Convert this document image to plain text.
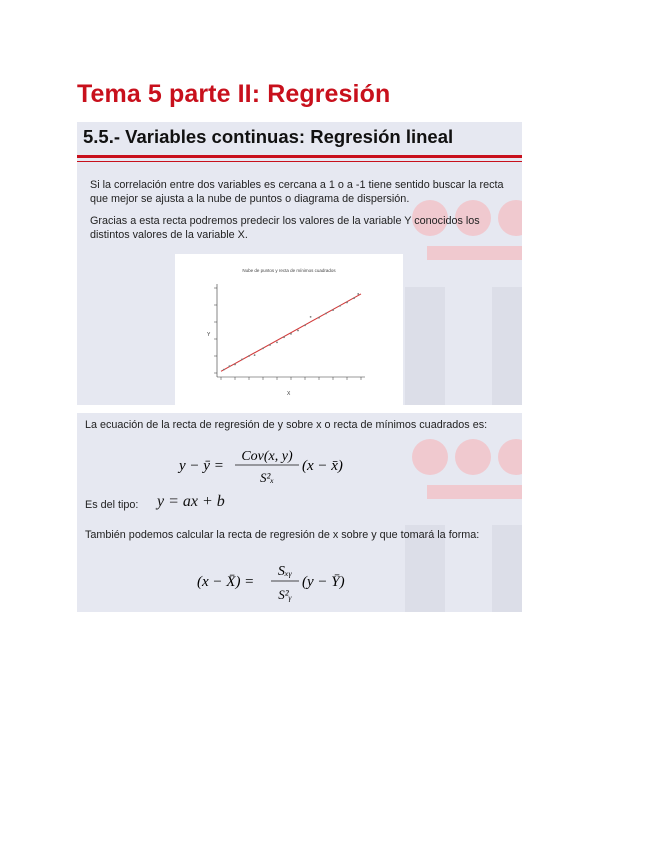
Tema 5 parte II: Regresión
5.5.- Variables continuas: Regresión lineal

Si la correlación entre dos variables es cercana a 1 o a -1 tiene sentido buscar la recta que mejor se ajusta a la nube de puntos o diagrama de dispersión.

Gracias a esta recta podremos predecir los valores de la variable Y conocidos los distintos valores de la variable X.

Nube de puntos y recta de mínimos cuadrados
Y
X

La ecuación de la recta de regresión de y sobre x o recta de mínimos cuadrados es:

y − ȳ =
Cov(x, y)
S²ₓ
(x − x̄)

Es del tipo: y = ax + b

También podemos calcular la recta de regresión de x sobre y que tomará la forma:

(x − X̄) =
Sₓᵧ
S²ᵧ
(y − Ȳ)
